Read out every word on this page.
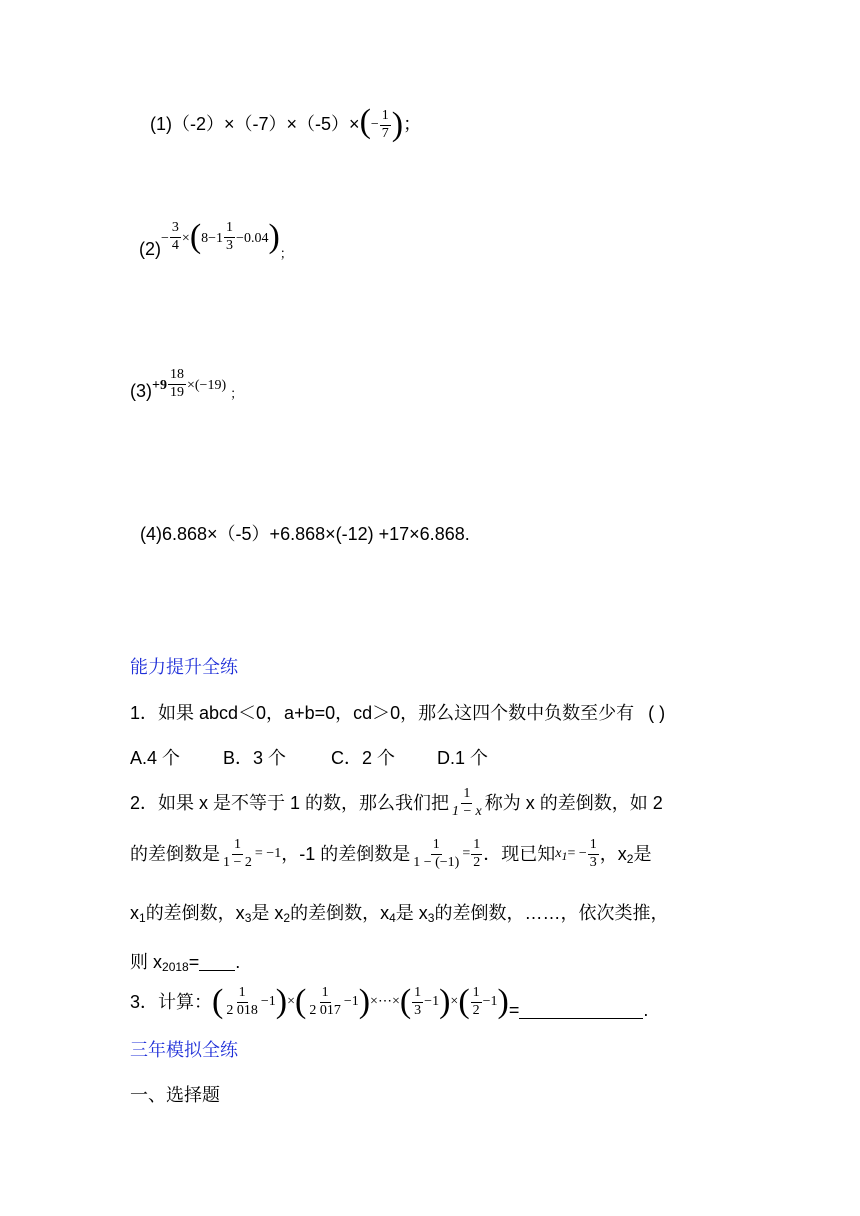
$(1)(-2)\times(-7)\times(-5)\times(- \frac{1}{7}$ )；
$(2)- \frac{3}{4} \times(8-1 \frac{1}{3} -0.04)$；
$(3)+9 \frac{18}{19} \times(-19)$；
(4)6.868×（-5）+6.868×(-12) +17×6.868.
能力提升全练
1．如果 abcd＜0，a+b=0，cd＞0，那么这四个数中负数至少有 ( )
A.4 个 B．3 个 C．2 个 D.1 个
2．如果 x 是不等于 1 的数，那么我们把 $\frac{1}{1 - x}$ 称为 x 的差倒数，如 2
的差倒数是 $\frac{1}{1 - 2} = -1$，-1 的差倒数是 $\frac{1}{1 - (-1)} = \frac{1}{2}$ ．现已知$x_1= - \frac{1}{3}$ ，$x_2$是
$x_1$的差倒数，$x_3$是 $x_2$的差倒数，$x_4$是 $x_3$的差倒数，……，依次类推，
则 $x_{2018}=$ .
3．计算：( $\frac{1}{2 018} -1)\times( \frac{1}{2 017}$ −1)×⋯×( $\frac{1}{3} -1)\times( \frac{1}{2} -1)=$	.
三年模拟全练
一、选择题
